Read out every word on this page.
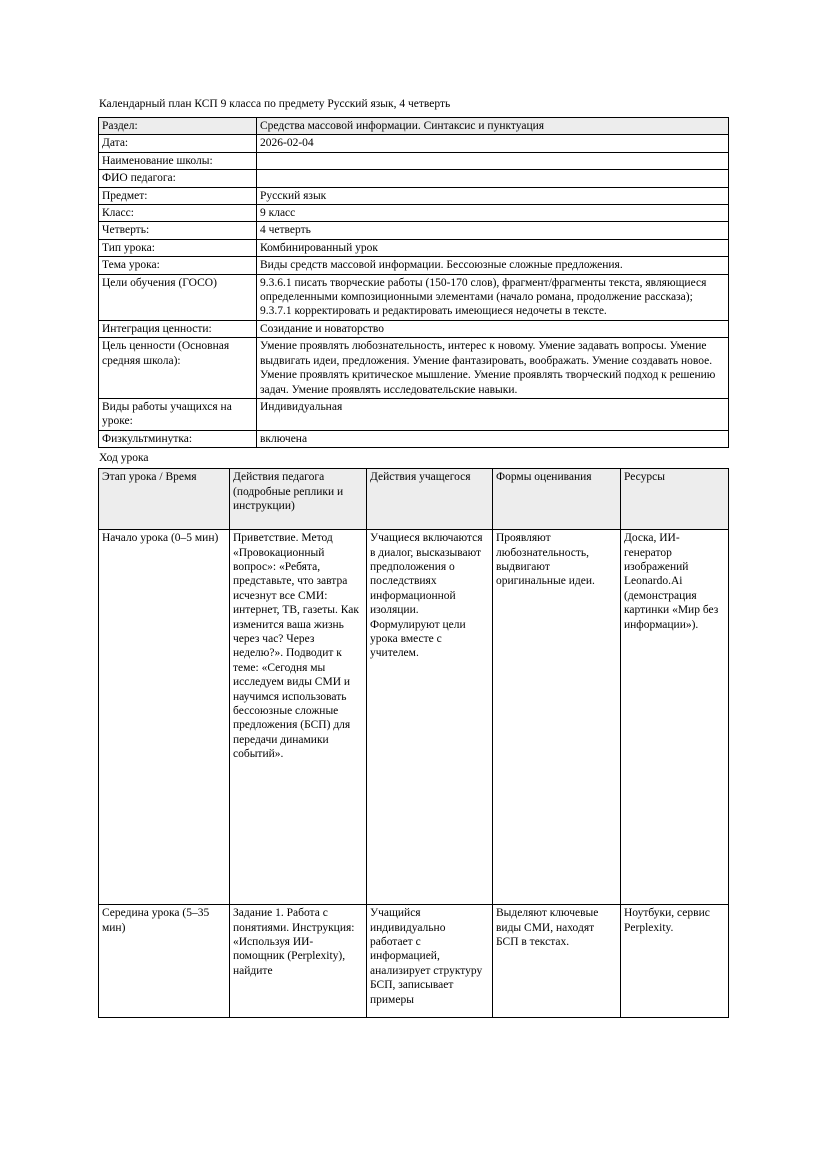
Календарный план КСП 9 класса по предмету Русский язык, 4 четверть

Раздел:	Средства массовой информации. Синтаксис и пунктуация
Дата:	2026-02-04
Наименование школы:	
ФИО педагога:	
Предмет:	Русский язык
Класс:	9 класс
Четверть:	4 четверть
Тип урока:	Комбинированный урок
Тема урока:	Виды средств массовой информации. Бессоюзные сложные предложения.
Цели обучения (ГОСО)	9.3.6.1 писать творческие работы (150-170 слов), фрагмент/фрагменты текста, являющиеся определенными композиционными элементами (начало романа, продолжение рассказа); 9.3.7.1 корректировать и редактировать имеющиеся недочеты в тексте.
Интеграция ценности:	Созидание и новаторство
Цель ценности (Основная средняя школа):	Умение проявлять любознательность, интерес к новому. Умение задавать вопросы. Умение выдвигать идеи, предложения. Умение фантазировать, воображать. Умение создавать новое. Умение проявлять критическое мышление. Умение проявлять творческий подход к решению задач. Умение проявлять исследовательские навыки.
Виды работы учащихся на уроке:	Индивидуальная
Физкультминутка:	включена

Ход урока

Этап урока / Время	Действия педагога (подробные реплики и инструкции)	Действия учащегося	Формы оценивания	Ресурсы
Начало урока (0–5 мин)	Приветствие. Метод «Провокационный вопрос»: «Ребята, представьте, что завтра исчезнут все СМИ: интернет, ТВ, газеты. Как изменится ваша жизнь через час? Через неделю?». Подводит к теме: «Сегодня мы исследуем виды СМИ и научимся использовать бессоюзные сложные предложения (БСП) для передачи динамики событий».	Учащиеся включаются в диалог, высказывают предположения о последствиях информационной изоляции. Формулируют цели урока вместе с учителем.	Проявляют любознательность, выдвигают оригинальные идеи.	Доска, ИИ-генератор изображений Leonardo.Ai (демонстрация картинки «Мир без информации»).
Середина урока (5–35 мин)	Задание 1. Работа с понятиями. Инструкция: «Используя ИИ-помощник (Perplexity), найдите	Учащийся индивидуально работает с информацией, анализирует структуру БСП, записывает примеры	Выделяют ключевые виды СМИ, находят БСП в текстах.	Ноутбуки, сервис Perplexity.
